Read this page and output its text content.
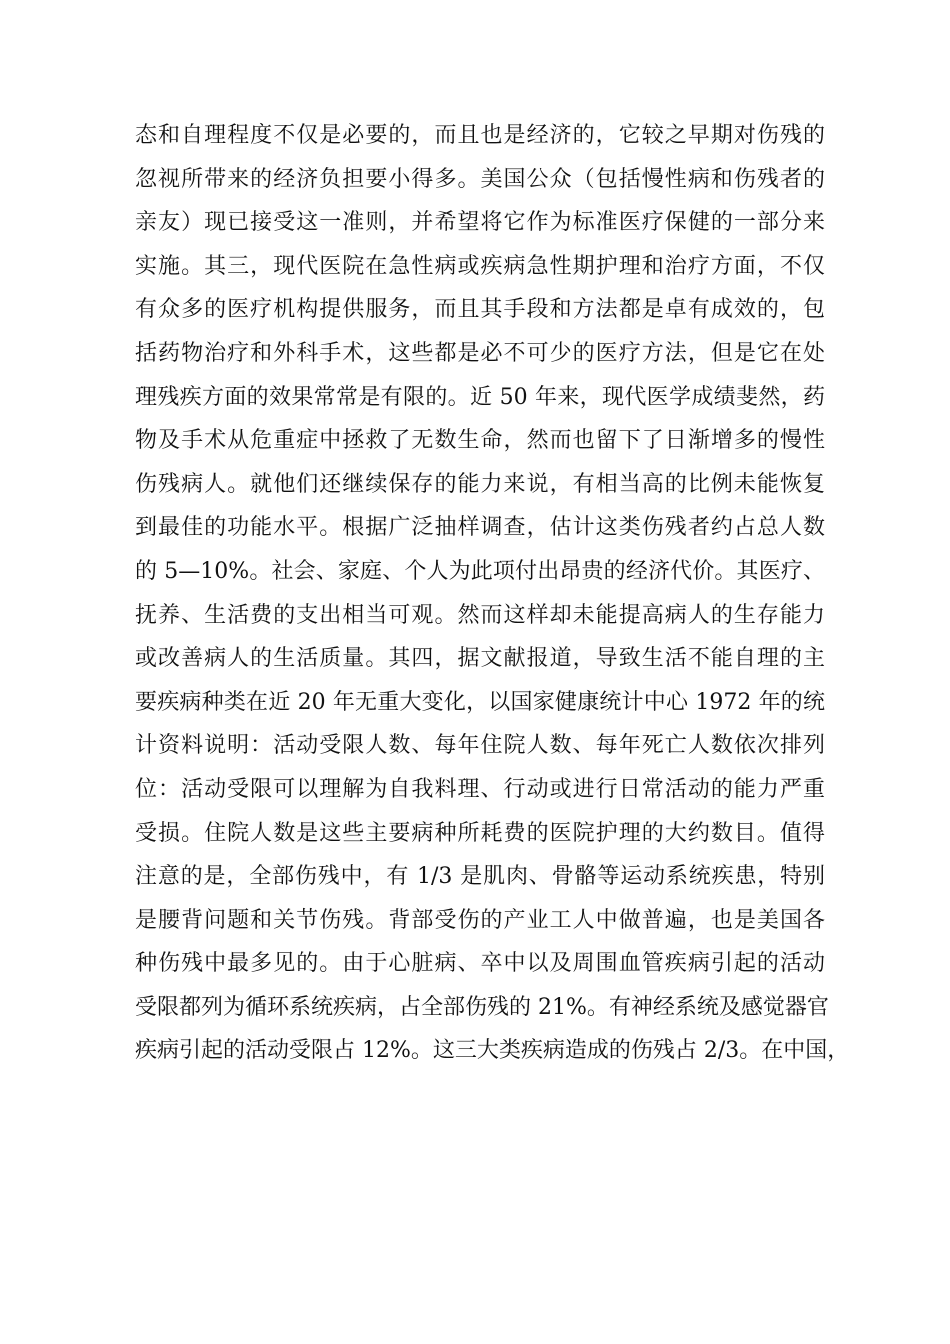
态和自理程度不仅是必要的，而且也是经济的，它较之早期对伤残的
忽视所带来的经济负担要小得多。美国公众（包括慢性病和伤残者的
亲友）现已接受这一准则，并希望将它作为标准医疗保健的一部分来
实施。其三，现代医院在急性病或疾病急性期护理和治疗方面，不仅
有众多的医疗机构提供服务，而且其手段和方法都是卓有成效的，包
括药物治疗和外科手术，这些都是必不可少的医疗方法，但是它在处
理残疾方面的效果常常是有限的。近 50 年来，现代医学成绩斐然，药
物及手术从危重症中拯救了无数生命，然而也留下了日渐增多的慢性
伤残病人。就他们还继续保存的能力来说，有相当高的比例未能恢复
到最佳的功能水平。根据广泛抽样调查，估计这类伤残者约占总人数
的 5—10%。社会、家庭、个人为此项付出昂贵的经济代价。其医疗、
抚养、生活费的支出相当可观。然而这样却未能提高病人的生存能力
或改善病人的生活质量。其四，据文献报道，导致生活不能自理的主
要疾病种类在近 20 年无重大变化，以国家健康统计中心 1972 年的统
计资料说明：活动受限人数、每年住院人数、每年死亡人数依次排列
位：活动受限可以理解为自我料理、行动或进行日常活动的能力严重
受损。住院人数是这些主要病种所耗费的医院护理的大约数目。值得
注意的是，全部伤残中，有 1/3 是肌肉、骨骼等运动系统疾患，特别
是腰背问题和关节伤残。背部受伤的产业工人中做普遍，也是美国各
种伤残中最多见的。由于心脏病、卒中以及周围血管疾病引起的活动
受限都列为循环系统疾病，占全部伤残的 21%。有神经系统及感觉器官
疾病引起的活动受限占 12%。这三大类疾病造成的伤残占 2/3。在中国，
